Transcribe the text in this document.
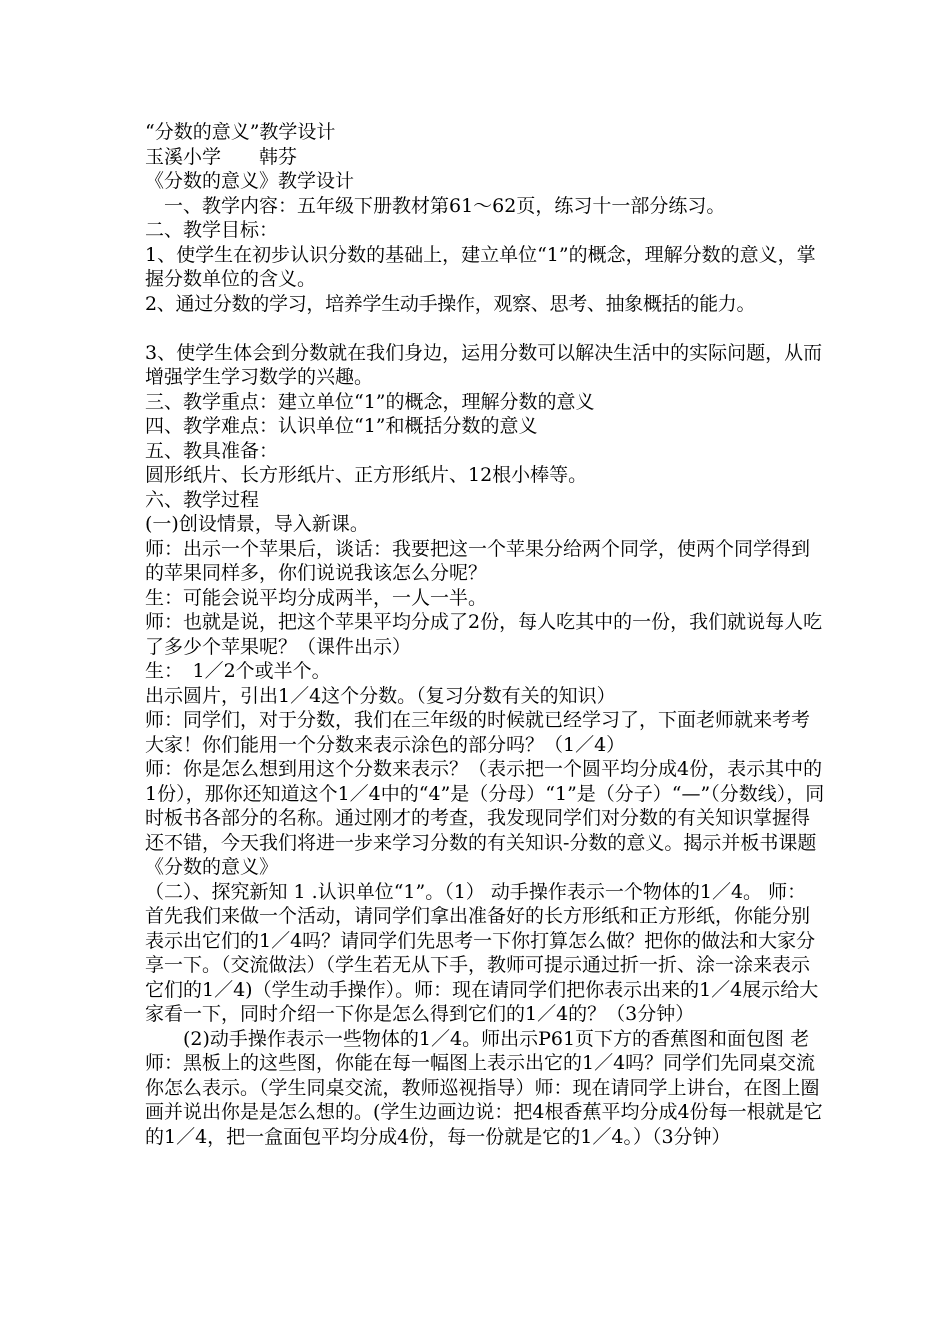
“分数的意义”教学设计

玉溪小学　　韩芬

《分数的意义》教学设计

　一、教学内容：五年级下册教材第61～62页，练习十一部分练习。

二、教学目标：

1、使学生在初步认识分数的基础上，建立单位“1”的概念，理解分数的意义，掌握分数单位的含义。

2、通过分数的学习，培养学生动手操作，观察、思考、抽象概括的能力。

3、使学生体会到分数就在我们身边，运用分数可以解决生活中的实际问题，从而增强学生学习数学的兴趣。

三、教学重点：建立单位“1”的概念，理解分数的意义

四、教学难点：认识单位“1”和概括分数的意义

五、教具准备：

圆形纸片、长方形纸片、正方形纸片、12根小棒等。

六、教学过程

(一)创设情景，导入新课。

师：出示一个苹果后，谈话：我要把这一个苹果分给两个同学，使两个同学得到的苹果同样多，你们说说我该怎么分呢？

生：可能会说平均分成两半，一人一半。

师：也就是说，把这个苹果平均分成了2份，每人吃其中的一份，我们就说每人吃了多少个苹果呢？（课件出示）

生：　1／2个或半个。

出示圆片，引出1／4这个分数。（复习分数有关的知识）

师：同学们，对于分数，我们在三年级的时候就已经学习了，下面老师就来考考大家！你们能用一个分数来表示涂色的部分吗？（1／4）

师：你是怎么想到用这个分数来表示？（表示把一个圆平均分成4份，表示其中的1份），那你还知道这个1／4中的“4”是（分母）“1”是（分子）“—”（分数线），同时板书各部分的名称。通过刚才的考查，我发现同学们对分数的有关知识掌握得还不错，今天我们将进一步来学习分数的有关知识-分数的意义。揭示并板书课题《分数的意义》

（二）、探究新知 1 .认识单位“1”。（1） 动手操作表示一个物体的1／4。 师：首先我们来做一个活动，请同学们拿出准备好的长方形纸和正方形纸，你能分别表示出它们的1／4吗？请同学们先思考一下你打算怎么做？把你的做法和大家分享一下。（交流做法）（学生若无从下手，教师可提示通过折一折、涂一涂来表示它们的1／4)（学生动手操作）。师：现在请同学们把你表示出来的1／4展示给大家看一下，同时介绍一下你是怎么得到它们的1／4的？（3分钟）

　　(2)动手操作表示一些物体的1／4。师出示P61页下方的香蕉图和面包图 老师：黑板上的这些图，你能在每一幅图上表示出它的1／4吗？同学们先同桌交流你怎么表示。（学生同桌交流，教师巡视指导）师：现在请同学上讲台，在图上圈画并说出你是是怎么想的。(学生边画边说：把4根香蕉平均分成4份每一根就是它的1／4，把一盒面包平均分成4份，每一份就是它的1／4。）（3分钟）
